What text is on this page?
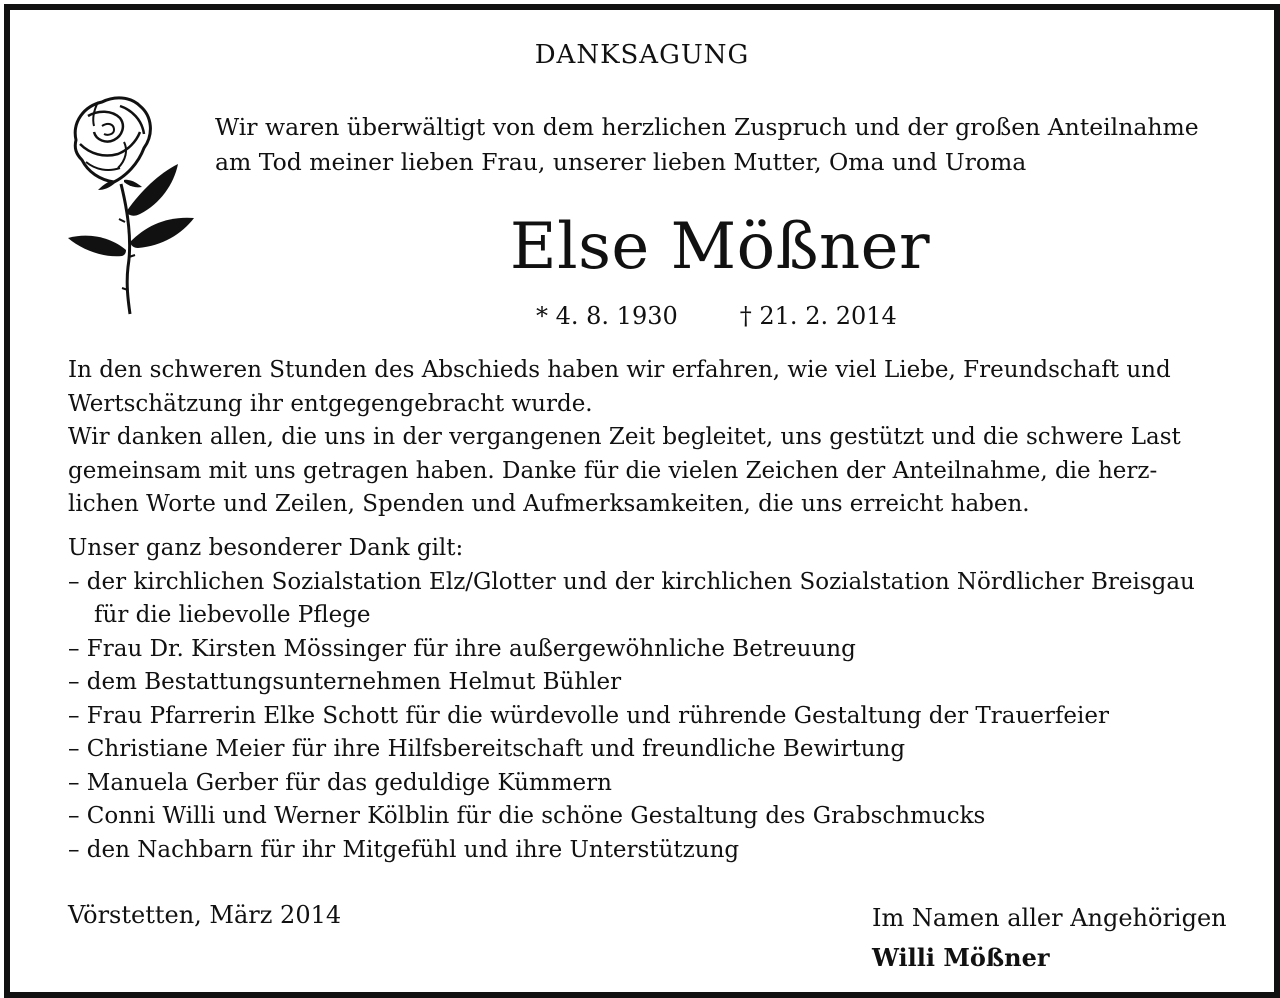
DANKSAGUNG
Wir waren überwältigt von dem herzlichen Zuspruch und der großen Anteilnahme
am Tod meiner lieben Frau, unserer lieben Mutter, Oma und Uroma
Else Mößner
* 4. 8. 1930	† 21. 2. 2014
In den schweren Stunden des Abschieds haben wir erfahren, wie viel Liebe, Freundschaft und
Wertschätzung ihr entgegengebracht wurde.
Wir danken allen, die uns in der vergangenen Zeit begleitet, uns gestützt und die schwere Last
gemeinsam mit uns getragen haben. Danke für die vielen Zeichen der Anteilnahme, die herz-
lichen Worte und Zeilen, Spenden und Aufmerksamkeiten, die uns erreicht haben.
Unser ganz besonderer Dank gilt:
– der kirchlichen Sozialstation Elz/Glotter und der kirchlichen Sozialstation Nördlicher Breisgau
für die liebevolle Pflege
– Frau Dr. Kirsten Mössinger für ihre außergewöhnliche Betreuung
– dem Bestattungsunternehmen Helmut Bühler
– Frau Pfarrerin Elke Schott für die würdevolle und rührende Gestaltung der Trauerfeier
– Christiane Meier für ihre Hilfsbereitschaft und freundliche Bewirtung
– Manuela Gerber für das geduldige Kümmern
– Conni Willi und Werner Kölblin für die schöne Gestaltung des Grabschmucks
– den Nachbarn für ihr Mitgefühl und ihre Unterstützung
Vörstetten, März 2014	Im Namen aller Angehörigen
Willi Mößner
